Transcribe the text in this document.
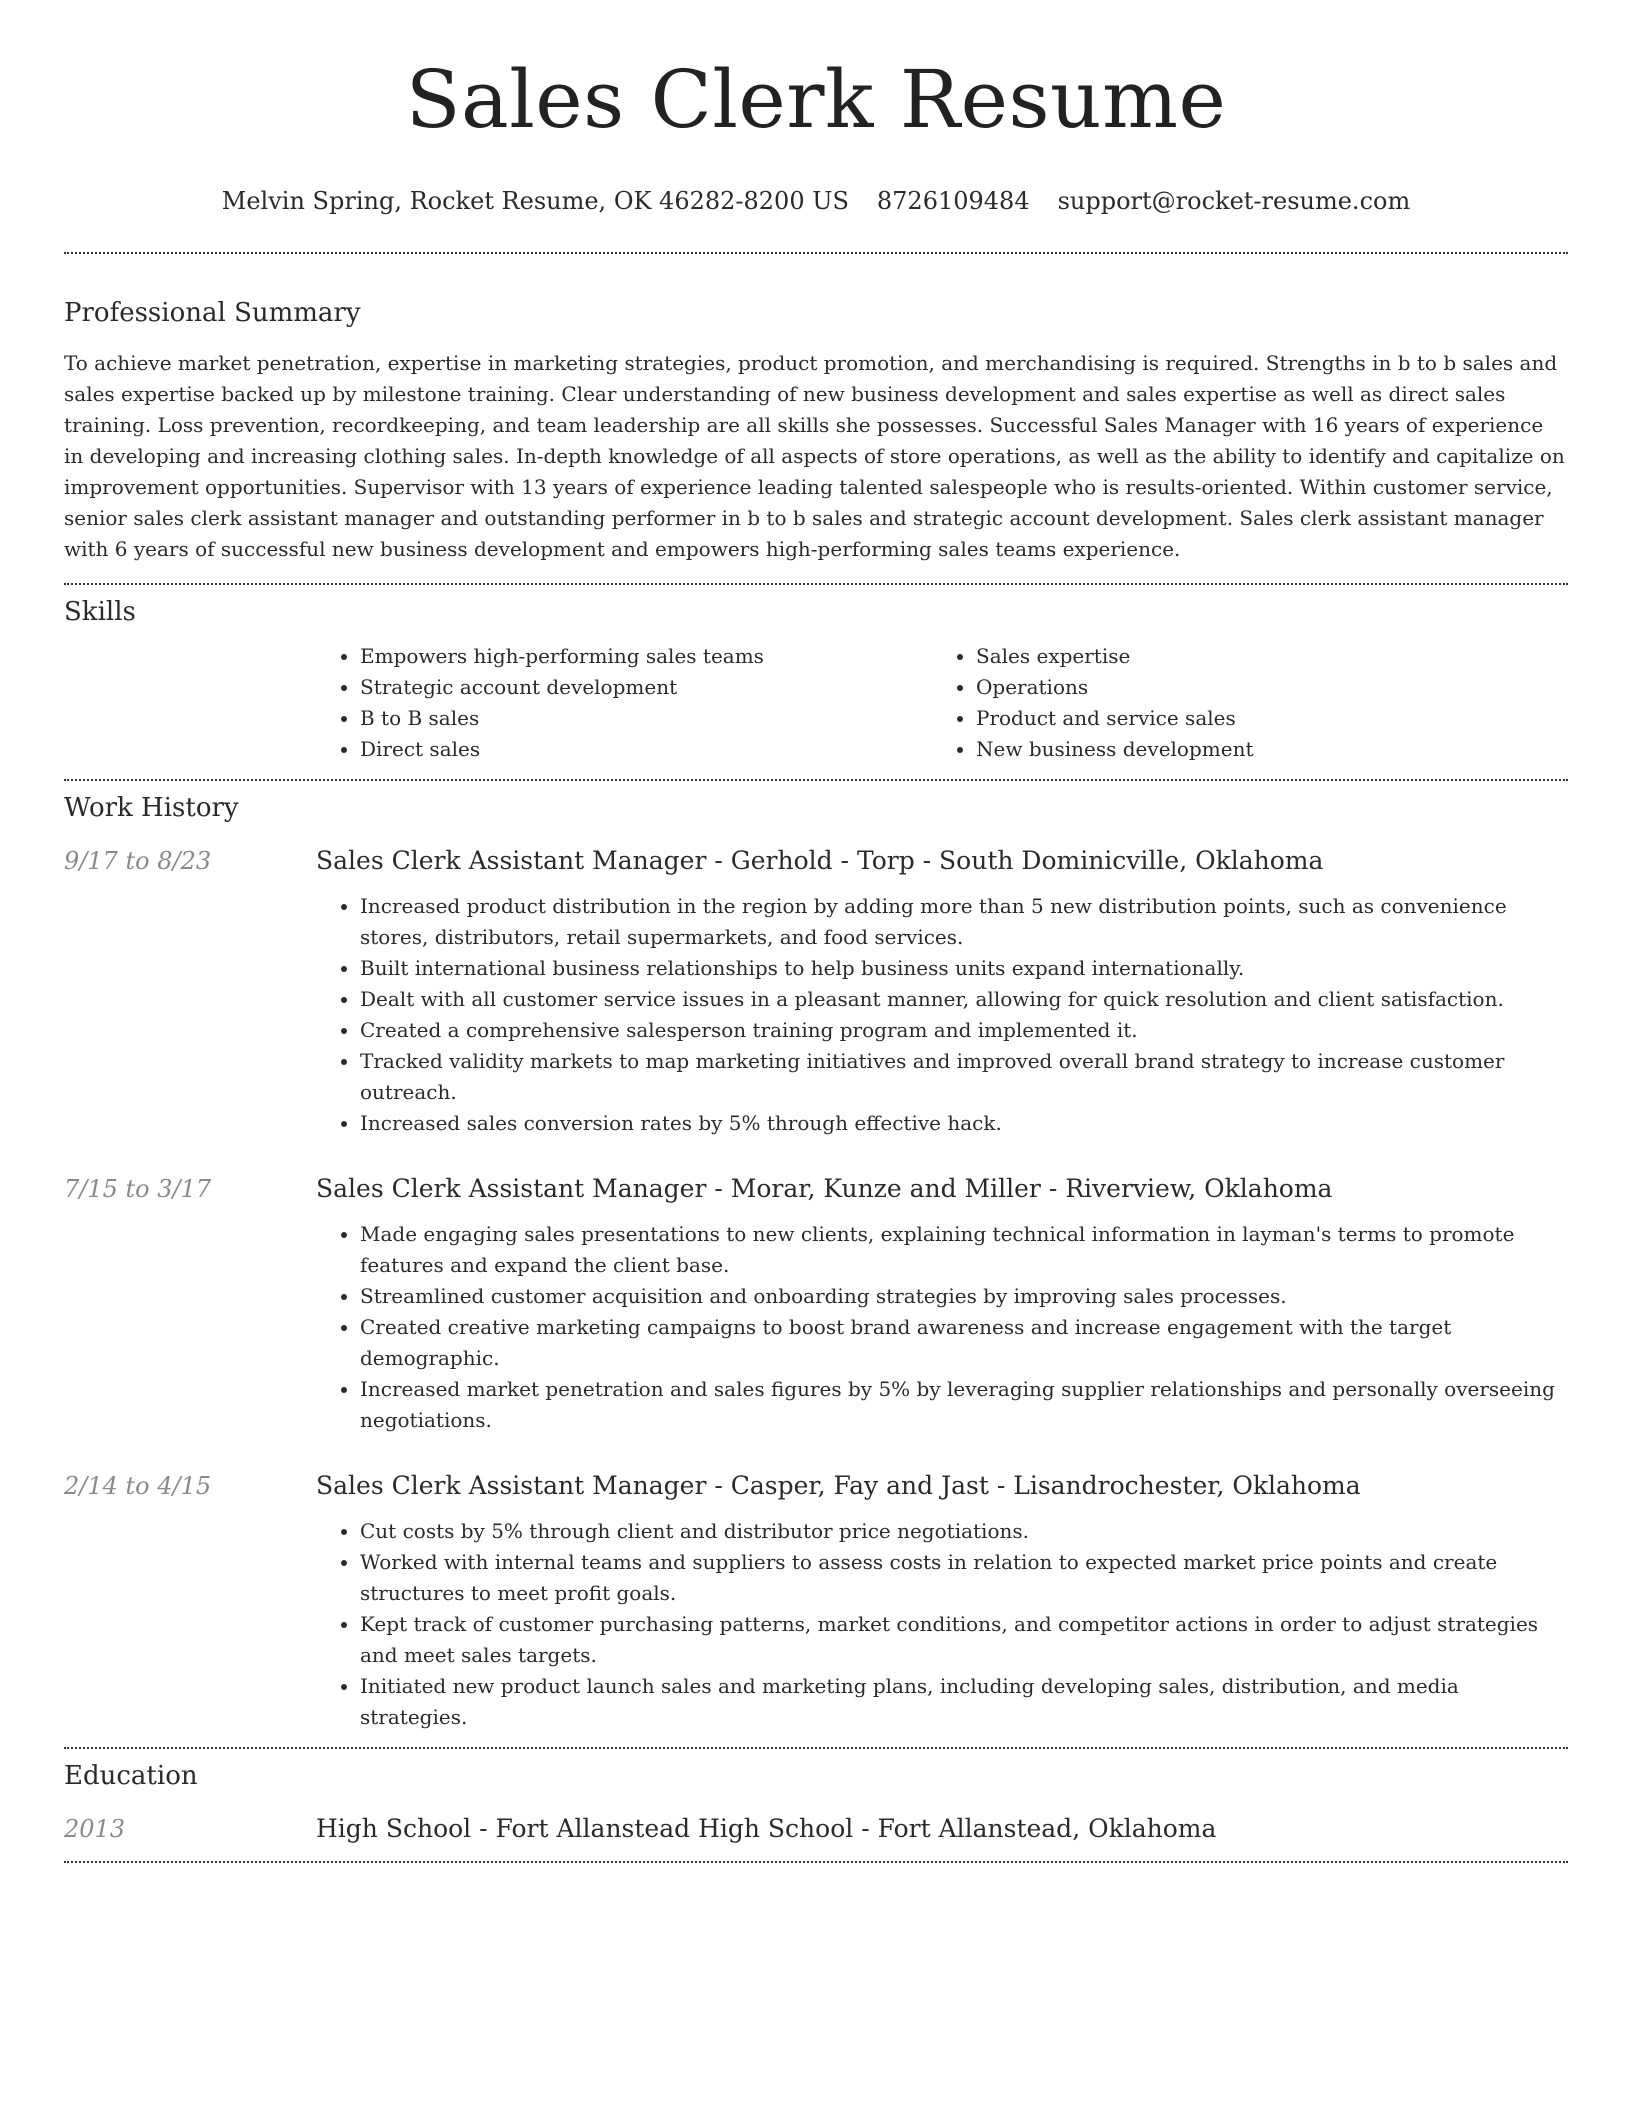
Sales Clerk Resume
Melvin Spring, Rocket Resume, OK 46282-8200 US 8726109484 support@rocket-resume.com
Professional Summary

To achieve market penetration, expertise in marketing strategies, product promotion, and merchandising is required. Strengths in b to b sales and sales expertise backed up by milestone training. Clear understanding of new business development and sales expertise as well as direct sales training. Loss prevention, recordkeeping, and team leadership are all skills she possesses. Successful Sales Manager with 16 years of experience in developing and increasing clothing sales. In-depth knowledge of all aspects of store operations, as well as the ability to identify and capitalize on improvement opportunities. Supervisor with 13 years of experience leading talented salespeople who is results-oriented. Within customer service, senior sales clerk assistant manager and outstanding performer in b to b sales and strategic account development. Sales clerk assistant manager with 6 years of successful new business development and empowers high-performing sales teams experience.

Skills
• Empowers high-performing sales teams
• Strategic account development
• B to B sales
• Direct sales
• Sales expertise
• Operations
• Product and service sales
• New business development
Work History
9/17 to 8/23	Sales Clerk Assistant Manager - Gerhold - Torp - South Dominicville, Oklahoma
• Increased product distribution in the region by adding more than 5 new distribution points, such as convenience stores, distributors, retail supermarkets, and food services.
• Built international business relationships to help business units expand internationally.
• Dealt with all customer service issues in a pleasant manner, allowing for quick resolution and client satisfaction.
• Created a comprehensive salesperson training program and implemented it.
• Tracked validity markets to map marketing initiatives and improved overall brand strategy to increase customer outreach.
• Increased sales conversion rates by 5% through effective hack.
7/15 to 3/17	Sales Clerk Assistant Manager - Morar, Kunze and Miller - Riverview, Oklahoma
• Made engaging sales presentations to new clients, explaining technical information in layman's terms to promote features and expand the client base.
• Streamlined customer acquisition and onboarding strategies by improving sales processes.
• Created creative marketing campaigns to boost brand awareness and increase engagement with the target demographic.
• Increased market penetration and sales figures by 5% by leveraging supplier relationships and personally overseeing negotiations.
2/14 to 4/15	Sales Clerk Assistant Manager - Casper, Fay and Jast - Lisandrochester, Oklahoma
• Cut costs by 5% through client and distributor price negotiations.
• Worked with internal teams and suppliers to assess costs in relation to expected market price points and create structures to meet profit goals.
• Kept track of customer purchasing patterns, market conditions, and competitor actions in order to adjust strategies and meet sales targets.
• Initiated new product launch sales and marketing plans, including developing sales, distribution, and media strategies.
Education
2013	High School - Fort Allanstead High School - Fort Allanstead, Oklahoma
